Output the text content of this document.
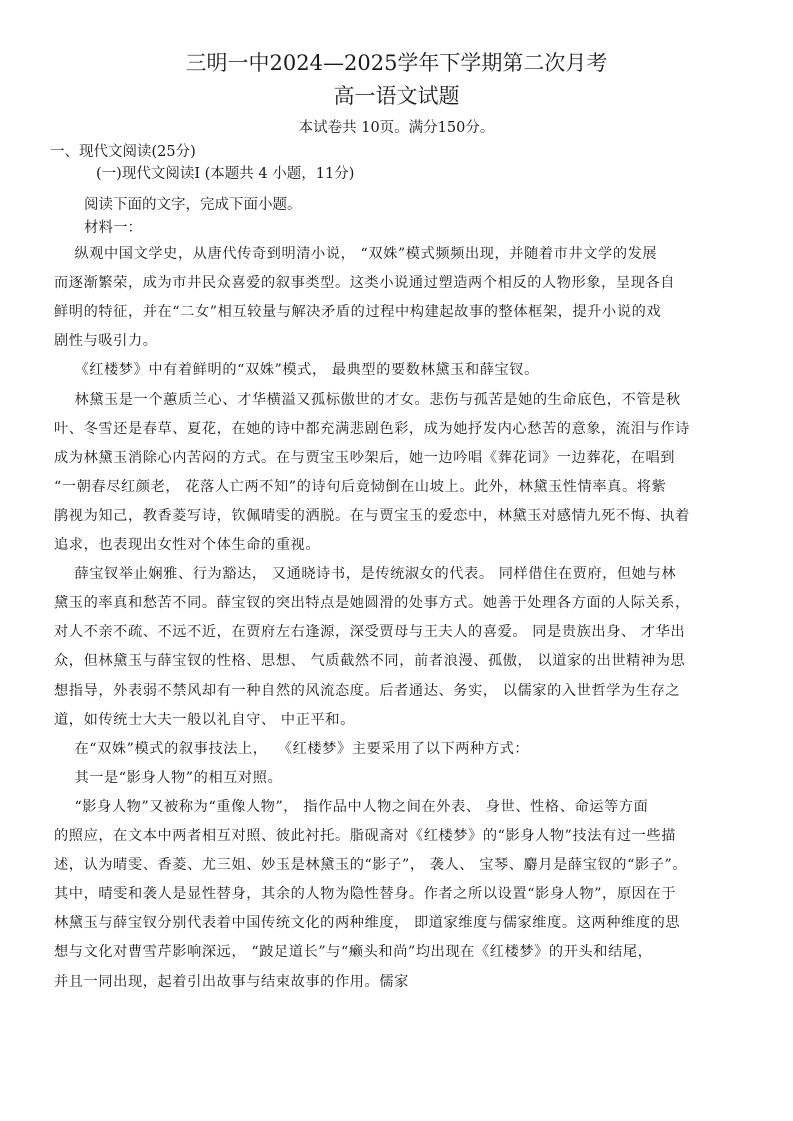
三明一中2024—2025学年下学期第二次月考
高一语文试题
本试卷共 10页。满分150分。
一、现代文阅读(25分)
(一)现代文阅读Ⅰ (本题共 4 小题，11分)
阅读下面的文字，完成下面小题。
材料一：
纵观中国文学史，从唐代传奇到明清小说， “双姝”模式频频出现，并随着市井文学的发展
而逐渐繁荣，成为市井民众喜爱的叙事类型。这类小说通过塑造两个相反的人物形象，呈现各自
鲜明的特征，并在“二女”相互较量与解决矛盾的过程中构建起故事的整体框架，提升小说的戏
剧性与吸引力。
《红楼梦》中有着鲜明的“双姝”模式， 最典型的要数林黛玉和薛宝钗。
林黛玉是一个蕙质兰心、才华横溢又孤标傲世的才女。悲伤与孤苦是她的生命底色，不管是秋
叶、冬雪还是春草、夏花，在她的诗中都充满悲剧色彩，成为她抒发内心愁苦的意象，流泪与作诗
成为林黛玉消除心内苦闷的方式。在与贾宝玉吵架后，她一边吟唱《葬花词》一边葬花，在唱到
“一朝春尽红颜老， 花落人亡两不知”的诗句后竟恸倒在山坡上。此外，林黛玉性情率真。将紫
鹃视为知己，教香菱写诗，钦佩晴雯的洒脱。在与贾宝玉的爱恋中，林黛玉对感情九死不悔、执着
追求，也表现出女性对个体生命的重视。
薛宝钗举止娴雅、行为豁达， 又通晓诗书，是传统淑女的代表。 同样借住在贾府，但她与林
黛玉的率真和愁苦不同。薛宝钗的突出特点是她圆滑的处事方式。她善于处理各方面的人际关系，
对人不亲不疏、不远不近，在贾府左右逢源，深受贾母与王夫人的喜爱。 同是贵族出身、 才华出
众，但林黛玉与薛宝钗的性格、思想、 气质截然不同，前者浪漫、孤傲， 以道家的出世精神为思
想指导，外表弱不禁风却有一种自然的风流态度。后者通达、务实， 以儒家的入世哲学为生存之
道，如传统士大夫一般以礼自守、 中正平和。
在“双姝”模式的叙事技法上，  《红楼梦》主要采用了以下两种方式：
其一是“影身人物”的相互对照。
“影身人物”又被称为“重像人物”， 指作品中人物之间在外表、 身世、性格、命运等方面
的照应，在文本中两者相互对照、彼此衬托。脂砚斋对《红楼梦》的“影身人物”技法有过一些描
述，认为晴雯、香菱、尤三姐、妙玉是林黛玉的“影子”， 袭人、 宝琴、麝月是薛宝钗的“影子”。
其中，晴雯和袭人是显性替身，其余的人物为隐性替身。作者之所以设置“影身人物”，原因在于
林黛玉与薛宝钗分别代表着中国传统文化的两种维度， 即道家维度与儒家维度。这两种维度的思
想与文化对曹雪芹影响深远， “跛足道长”与“癞头和尚”均出现在《红楼梦》的开头和结尾，
并且一同出现，起着引出故事与结束故事的作用。儒家
